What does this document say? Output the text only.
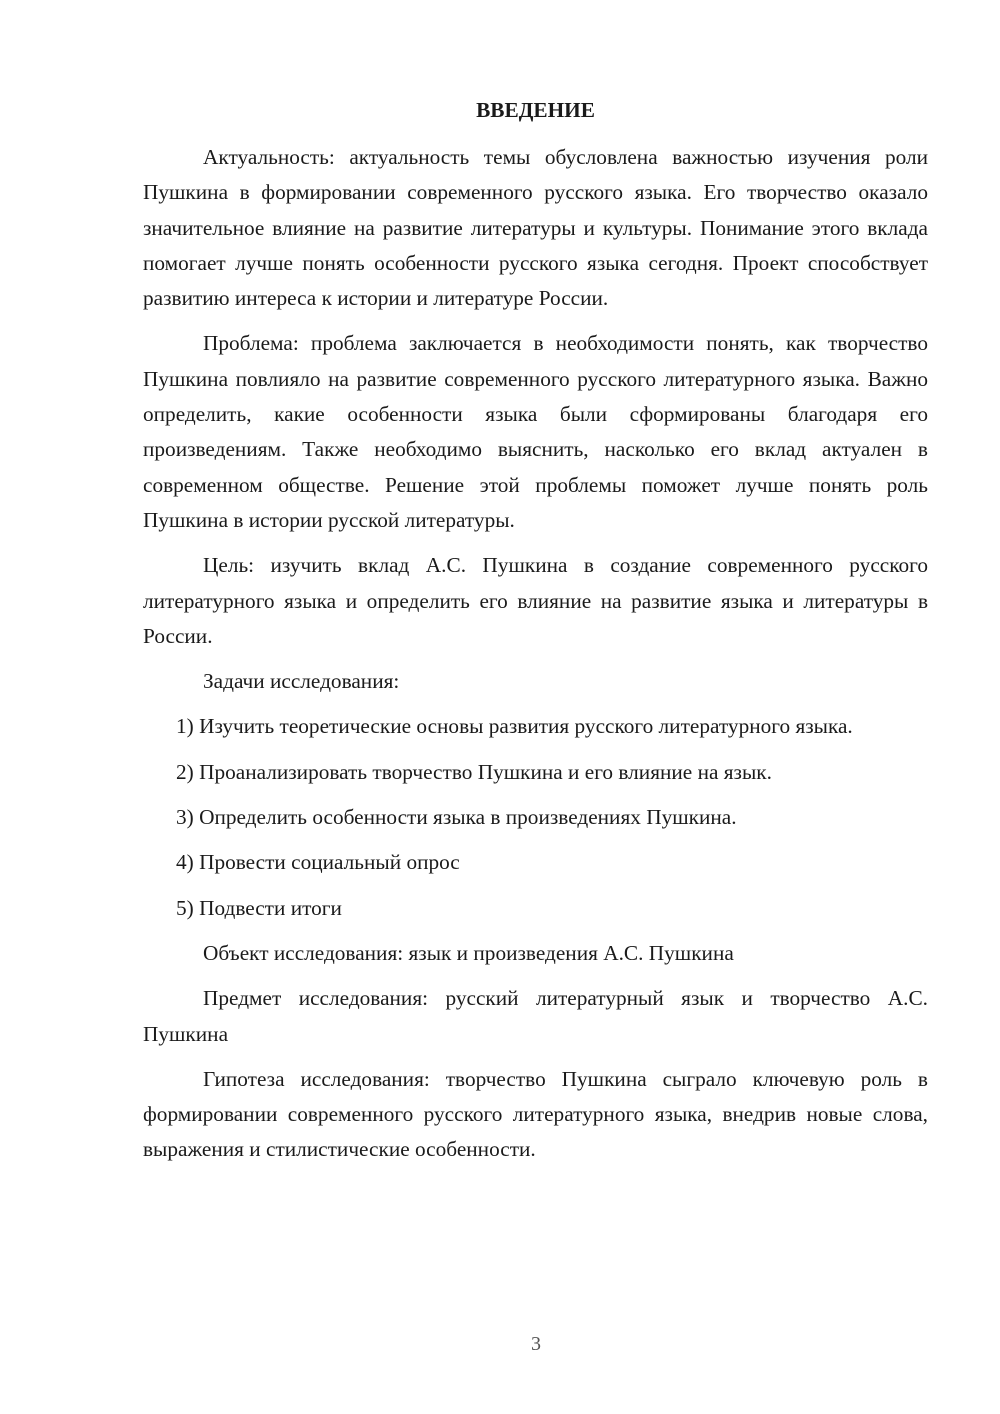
ВВЕДЕНИЕ

Актуальность: актуальность темы обусловлена важностью изучения роли Пушкина в формировании современного русского языка. Его творчество оказало значительное влияние на развитие литературы и культуры. Понимание этого вклада помогает лучше понять особенности русского языка сегодня. Проект способствует развитию интереса к истории и литературе России.

Проблема: проблема заключается в необходимости понять, как творчество Пушкина повлияло на развитие современного русского литературного языка. Важно определить, какие особенности языка были сформированы благодаря его произведениям. Также необходимо выяснить, насколько его вклад актуален в современном обществе. Решение этой проблемы поможет лучше понять роль Пушкина в истории русской литературы.

Цель: изучить вклад А.С. Пушкина в создание современного русского литературного языка и определить его влияние на развитие языка и литературы в России.

Задачи исследования:

1) Изучить теоретические основы развития русского литературного языка.

2) Проанализировать творчество Пушкина и его влияние на язык.

3) Определить особенности языка в произведениях Пушкина.

4) Провести социальный опрос

5) Подвести итоги

Объект исследования: язык и произведения А.С. Пушкина

Предмет исследования: русский литературный язык и творчество А.С. Пушкина

Гипотеза исследования: творчество Пушкина сыграло ключевую роль в формировании современного русского литературного языка, внедрив новые слова, выражения и стилистические особенности.

3
